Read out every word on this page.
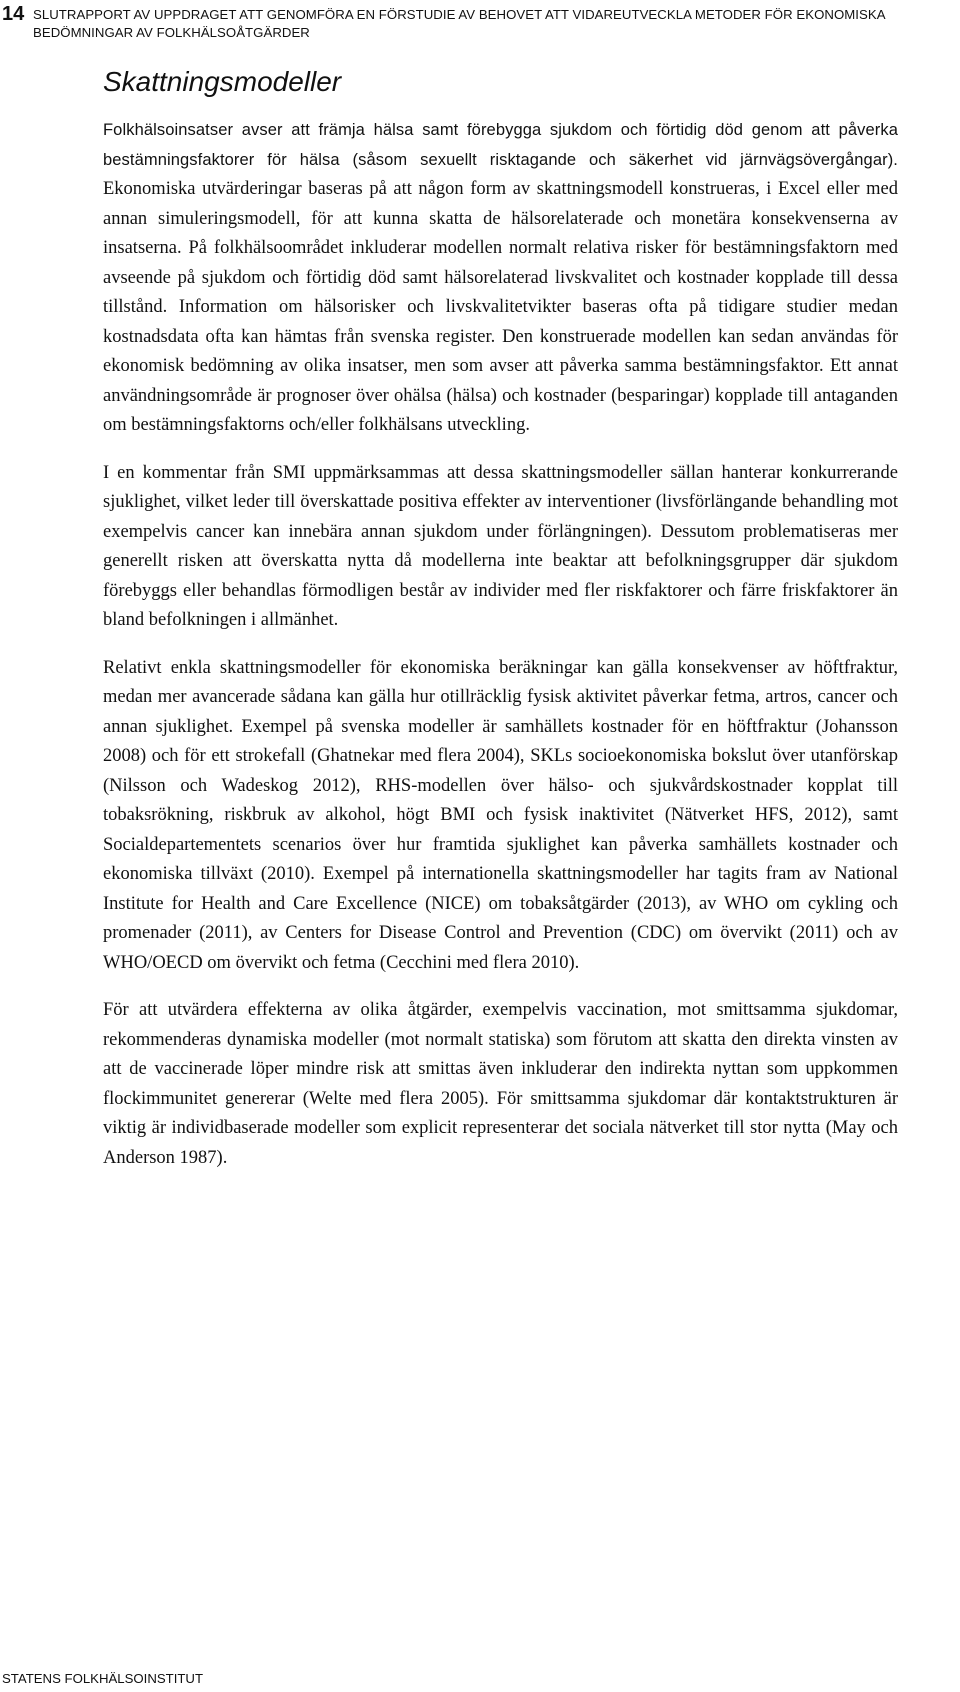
14 SLUTRAPPORT AV UPPDRAGET ATT GENOMFÖRA EN FÖRSTUDIE AV BEHOVET ATT VIDAREUTVECKLA METODER FÖR EKONOMISKA BEDÖMNINGAR AV FOLKHÄLSOÅTGÄRDER
Skattningsmodeller

Folkhälsoinsatser avser att främja hälsa samt förebygga sjukdom och förtidig död genom att påverka bestämningsfaktorer för hälsa (såsom sexuellt risktagande och säkerhet vid järnvägsövergångar). Ekonomiska utvärderingar baseras på att någon form av skattningsmodell konstrueras, i Excel eller med annan simuleringsmodell, för att kunna skatta de hälsorelaterade och monetära konsekvenserna av insatserna. På folkhälsoområdet inkluderar modellen normalt relativa risker för bestämningsfaktorn med avseende på sjukdom och förtidig död samt hälsorelaterad livskvalitet och kostnader kopplade till dessa tillstånd. Information om hälsorisker och livskvalitetvikter baseras ofta på tidigare studier medan kostnadsdata ofta kan hämtas från svenska register. Den konstruerade modellen kan sedan användas för ekonomisk bedömning av olika insatser, men som avser att påverka samma bestämningsfaktor. Ett annat användningsområde är prognoser över ohälsa (hälsa) och kostnader (besparingar) kopplade till antaganden om bestämningsfaktorns och/eller folkhälsans utveckling.

I en kommentar från SMI uppmärksammas att dessa skattningsmodeller sällan hanterar konkurrerande sjuklighet, vilket leder till överskattade positiva effekter av interventioner (livsförlängande behandling mot exempelvis cancer kan innebära annan sjukdom under förlängningen). Dessutom problematiseras mer generellt risken att överskatta nytta då modellerna inte beaktar att befolkningsgrupper där sjukdom förebyggs eller behandlas förmodligen består av individer med fler riskfaktorer och färre friskfaktorer än bland befolkningen i allmänhet.

Relativt enkla skattningsmodeller för ekonomiska beräkningar kan gälla konsekvenser av höftfraktur, medan mer avancerade sådana kan gälla hur otillräcklig fysisk aktivitet påverkar fetma, artros, cancer och annan sjuklighet. Exempel på svenska modeller är samhällets kostnader för en höftfraktur (Johansson 2008) och för ett strokefall (Ghatnekar med flera 2004), SKLs socioekonomiska bokslut över utanförskap (Nilsson och Wadeskog 2012), RHS-modellen över hälso- och sjukvårdskostnader kopplat till tobaksrökning, riskbruk av alkohol, högt BMI och fysisk inaktivitet (Nätverket HFS, 2012), samt Socialdepartementets scenarios över hur framtida sjuklighet kan påverka samhällets kostnader och ekonomiska tillväxt (2010). Exempel på internationella skattningsmodeller har tagits fram av National Institute for Health and Care Excellence (NICE) om tobaksåtgärder (2013), av WHO om cykling och promenader (2011), av Centers for Disease Control and Prevention (CDC) om övervikt (2011) och av WHO/OECD om övervikt och fetma (Cecchini med flera 2010).

För att utvärdera effekterna av olika åtgärder, exempelvis vaccination, mot smittsamma sjukdomar, rekommenderas dynamiska modeller (mot normalt statiska) som förutom att skatta den direkta vinsten av att de vaccinerade löper mindre risk att smittas även inkluderar den indirekta nyttan som uppkommen flockimmunitet genererar (Welte med flera 2005). För smittsamma sjukdomar där kontaktstrukturen är viktig är individbaserade modeller som explicit representerar det sociala nätverket till stor nytta (May och Anderson 1987).

STATENS FOLKHÄLSOINSTITUT
